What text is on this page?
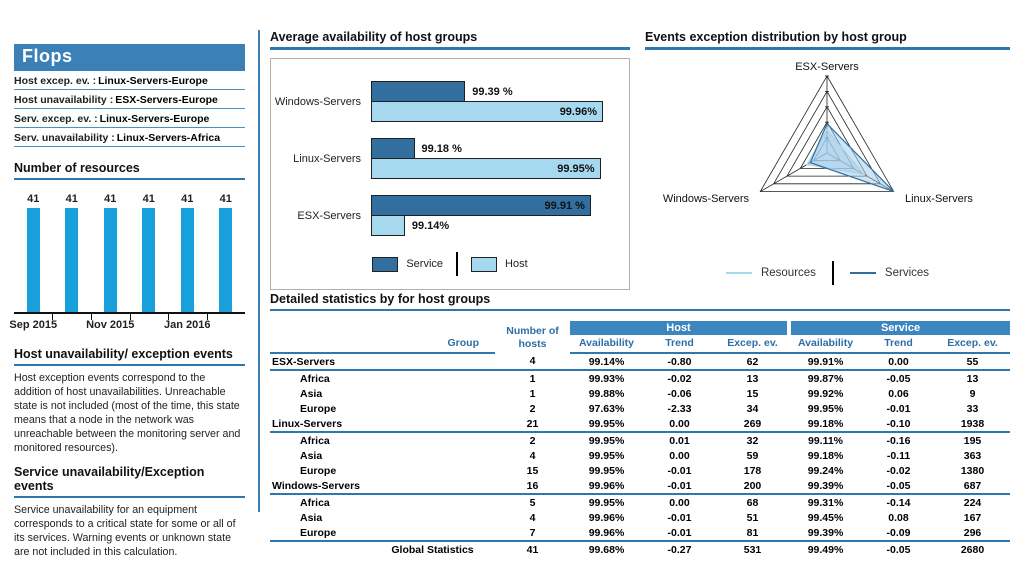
Flops
Host excep. ev. : Linux-Servers-Europe
Host unavailability : ESX-Servers-Europe
Serv. excep. ev. : Linux-Servers-Europe
Serv. unavailability : Linux-Servers-Africa
Number of resources
41 41 41 41 41 41
Sep 2015	Nov 2015	Jan 2016
Host unavailability/ exception events
Host exception events correspond to the addition of host unavailabilities. Unreachable state is not included (most of the time, this state means that a node in the network was unreachable between the monitoring server and monitored resources).
Service unavailability/Exception events
Service unavailability for an equipment corresponds to a critical state for some or all of its services. Warning events or unknown state are not included in this calculation.
Average availability of host groups
Windows-Servers
99.39 %
99.96%
Linux-Servers
99.18 %
99.95%
ESX-Servers
99.91 %
99.14%
Service	Host
Events exception distribution by host group
ESX-Servers
Windows-Servers	Linux-Servers
Resources	Services
Detailed statistics by for host groups

	Number of
hosts	Host			Service		
Group		Availability	Trend	Excep. ev.	Availability	Trend	Excep. ev.
ESX-Servers	4	99.14%	-0.80	62	99.91%	0.00	55
Africa	1	99.93%	-0.02	13	99.87%	-0.05	13
Asia	1	99.88%	-0.06	15	99.92%	0.06	9
Europe	2	97.63%	-2.33	34	99.95%	-0.01	33
Linux-Servers	21	99.95%	0.00	269	99.18%	-0.10	1938
Africa	2	99.95%	0.01	32	99.11%	-0.16	195
Asia	4	99.95%	0.00	59	99.18%	-0.11	363
Europe	15	99.95%	-0.01	178	99.24%	-0.02	1380
Windows-Servers	16	99.96%	-0.01	200	99.39%	-0.05	687
Africa	5	99.95%	0.00	68	99.31%	-0.14	224
Asia	4	99.96%	-0.01	51	99.45%	0.08	167
Europe	7	99.96%	-0.01	81	99.39%	-0.09	296
Global Statistics	41	99.68%	-0.27	531	99.49%	-0.05	2680
